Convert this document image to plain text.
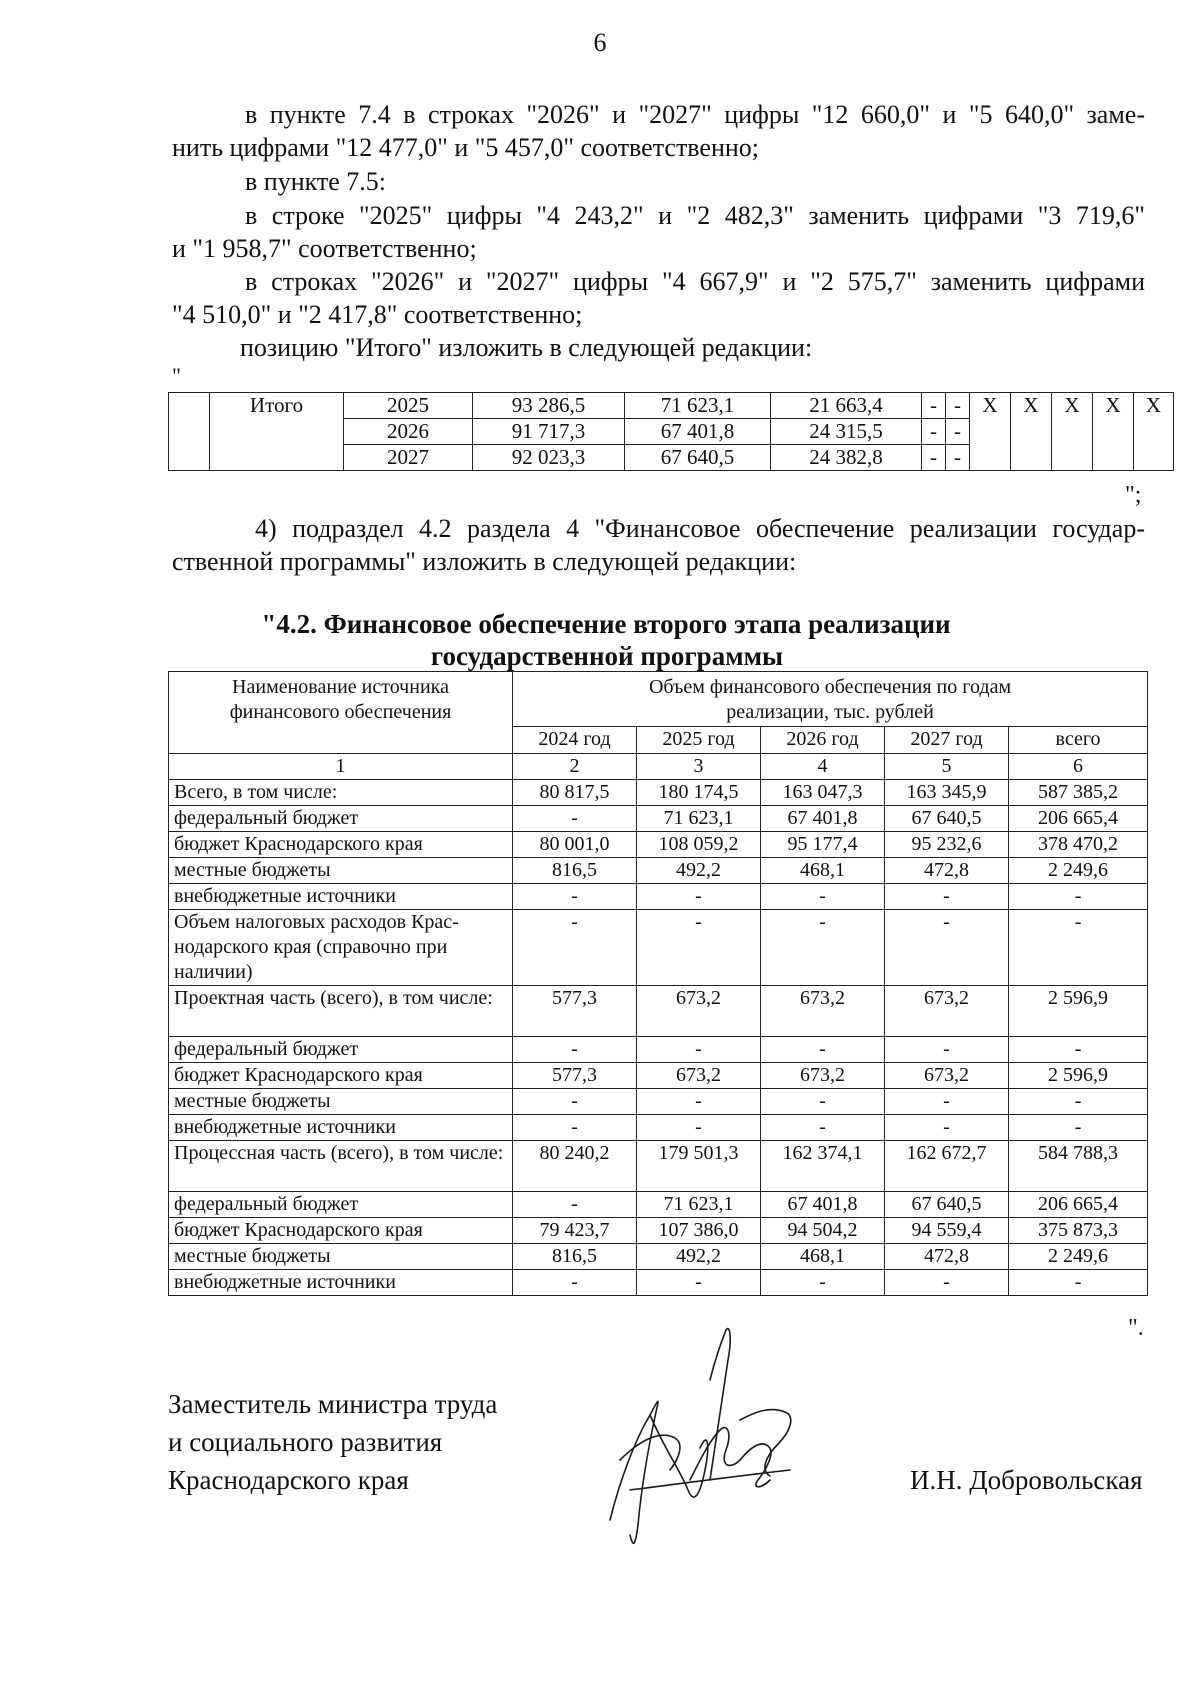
6
в пункте 7.4 в строках "2026" и "2027" цифры "12 660,0" и "5 640,0" заме-
нить цифрами "12 477,0" и "5 457,0" соответственно;
в пункте 7.5:
в строке "2025" цифры "4 243,2" и "2 482,3" заменить цифрами "3 719,6"
и "1 958,7" соответственно;
в строках "2026" и "2027" цифры "4 667,9" и "2 575,7" заменить цифрами
"4 510,0" и "2 417,8" соответственно;
позицию "Итого" изложить в следующей редакции:
"
	Итого	2025	93 286,5	71 623,1	21 663,4	-	-	Х	Х	Х	Х	Х
		2026	91 717,3	67 401,8	24 315,5	-	-					
		2027	92 023,3	67 640,5	24 382,8	-	-					
";
4) подраздел 4.2 раздела 4 "Финансовое обеспечение реализации государ-
ственной программы" изложить в следующей редакции:
"4.2. Финансовое обеспечение второго этапа реализации
государственной программы
Наименование источника финансового обеспечения	Объем финансового обеспечения по годам реализации, тыс. рублей				
	2024 год	2025 год	2026 год	2027 год	всего
1	2	3	4	5	6
Всего, в том числе:	80 817,5	180 174,5	163 047,3	163 345,9	587 385,2
федеральный бюджет	-	71 623,1	67 401,8	67 640,5	206 665,4
бюджет Краснодарского края	80 001,0	108 059,2	95 177,4	95 232,6	378 470,2
местные бюджеты	816,5	492,2	468,1	472,8	2 249,6
внебюджетные источники	-	-	-	-	-
Объем налоговых расходов Крас-нодарского края (справочно при наличии)	-	-	-	-	-
Проектная часть (всего), в том числе:	577,3	673,2	673,2	673,2	2 596,9
федеральный бюджет	-	-	-	-	-
бюджет Краснодарского края	577,3	673,2	673,2	673,2	2 596,9
местные бюджеты	-	-	-	-	-
внебюджетные источники	-	-	-	-	-
Процессная часть (всего), в том числе:	80 240,2	179 501,3	162 374,1	162 672,7	584 788,3
федеральный бюджет	-	71 623,1	67 401,8	67 640,5	206 665,4
бюджет Краснодарского края	79 423,7	107 386,0	94 504,2	94 559,4	375 873,3
местные бюджеты	816,5	492,2	468,1	472,8	2 249,6
внебюджетные источники	-	-	-	-	-
".
Заместитель министра труда
и социального развития
Краснодарского края	И.Н. Добровольская
